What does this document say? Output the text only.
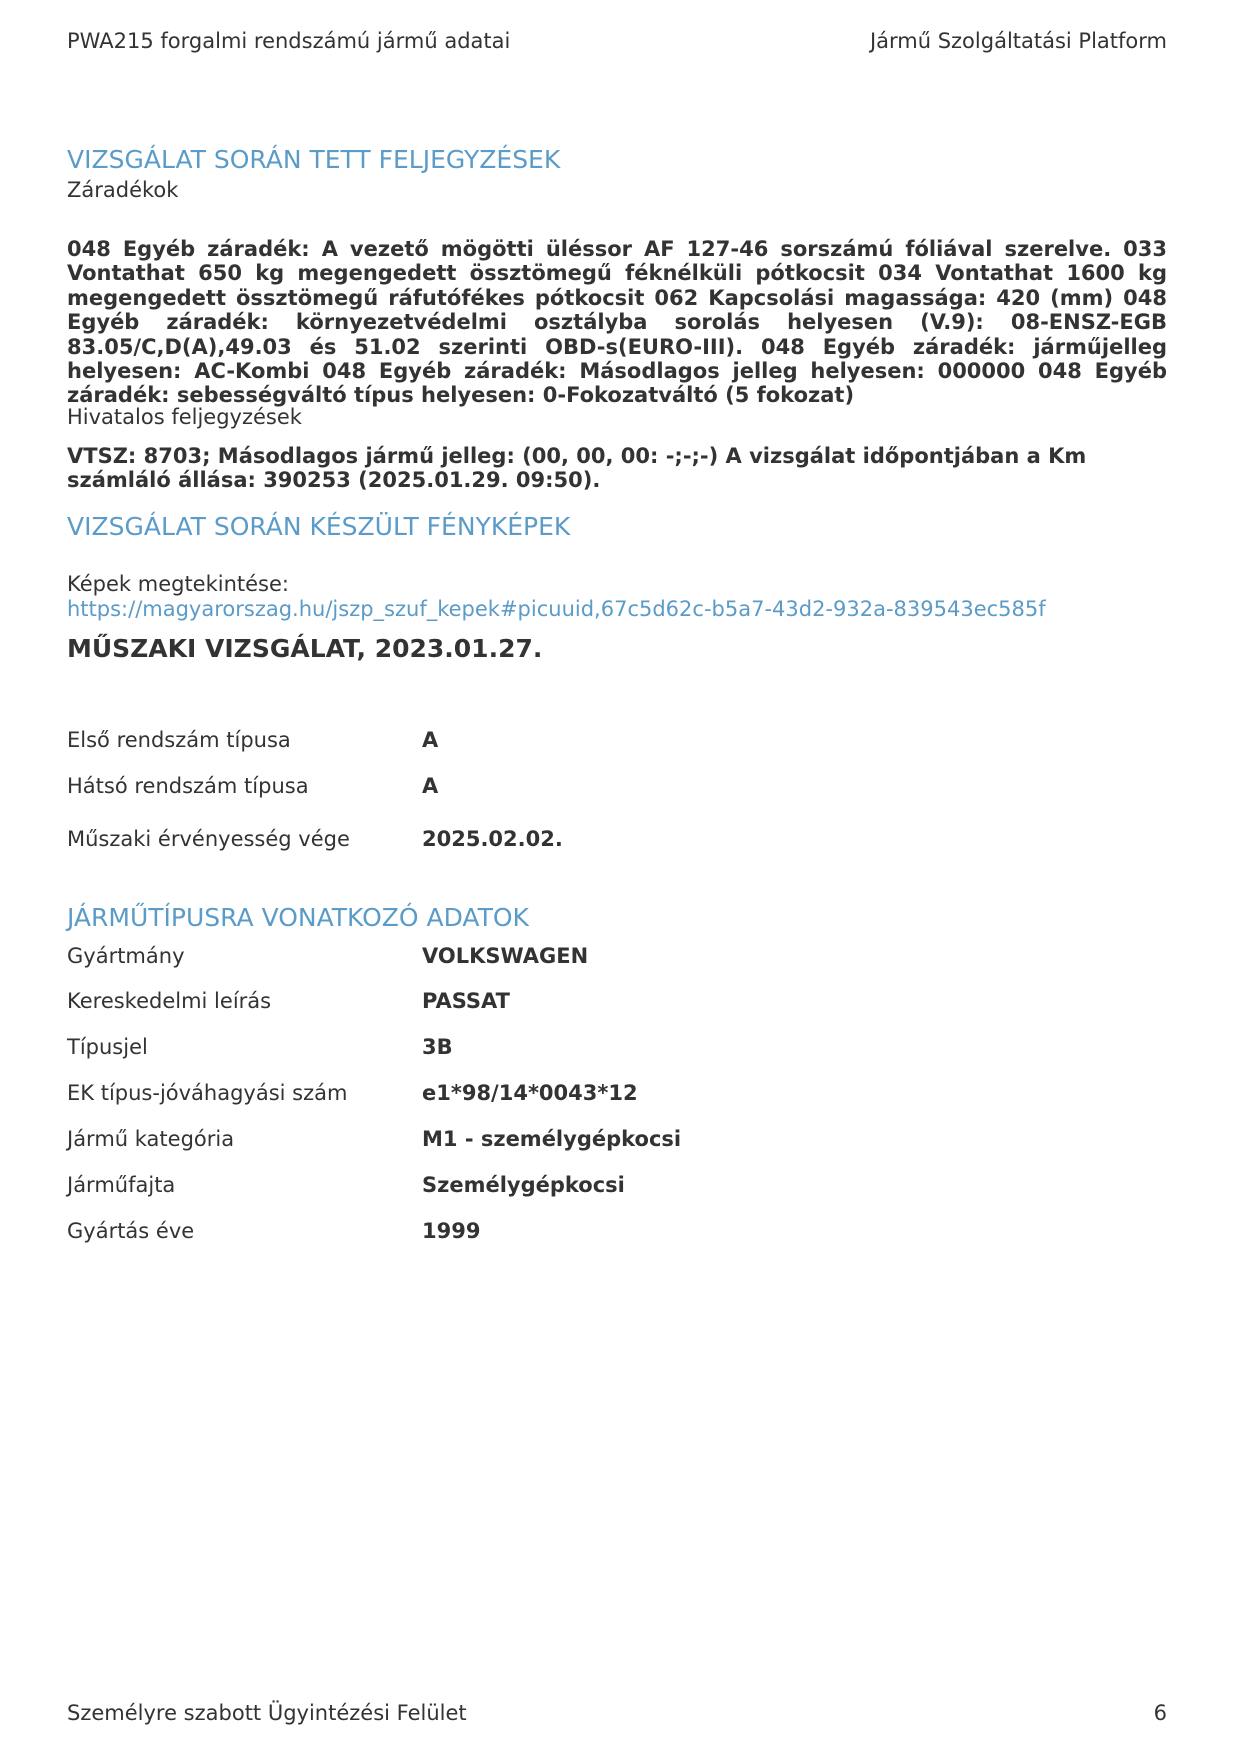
PWA215 forgalmi rendszámú jármű adatai	Jármű Szolgáltatási Platform
VIZSGÁLAT SORÁN TETT FELJEGYZÉSEK
Záradékok
048 Egyéb záradék: A vezető mögötti üléssor AF 127-46 sorszámú fóliával szerelve. 033 Vontathat 650 kg megengedett össztömegű féknélküli pótkocsit 034 Vontathat 1600 kg megengedett össztömegű ráfutófékes pótkocsit 062 Kapcsolási magassága: 420 (mm) 048 Egyéb záradék: környezetvédelmi osztályba sorolás helyesen (V.9): 08-ENSZ-EGB 83.05/C,D(A),49.03 és 51.02 szerinti OBD-s(EURO-III). 048 Egyéb záradék: járműjelleg helyesen: AC-Kombi 048 Egyéb záradék: Másodlagos jelleg helyesen: 000000 048 Egyéb záradék: sebességváltó típus helyesen: 0-Fokozatváltó (5 fokozat)
Hivatalos feljegyzések
VTSZ: 8703; Másodlagos jármű jelleg: (00, 00, 00: -;-;-) A vizsgálat időpontjában a Km számláló állása: 390253 (2025.01.29. 09:50).
VIZSGÁLAT SORÁN KÉSZÜLT FÉNYKÉPEK
Képek megtekintése:
https://magyarorszag.hu/jszp_szuf_kepek#picuuid,67c5d62c-b5a7-43d2-932a-839543ec585f
MŰSZAKI VIZSGÁLAT, 2023.01.27.
Első rendszám típusa	A
Hátsó rendszám típusa	A
Műszaki érvényesség vége	2025.02.02.
JÁRMŰTÍPUSRA VONATKOZÓ ADATOK
Gyártmány	VOLKSWAGEN
Kereskedelmi leírás	PASSAT
Típusjel	3B
EK típus-jóváhagyási szám	e1*98/14*0043*12
Jármű kategória	M1 - személygépkocsi
Járműfajta	Személygépkocsi
Gyártás éve	1999
Személyre szabott Ügyintézési Felület	6
